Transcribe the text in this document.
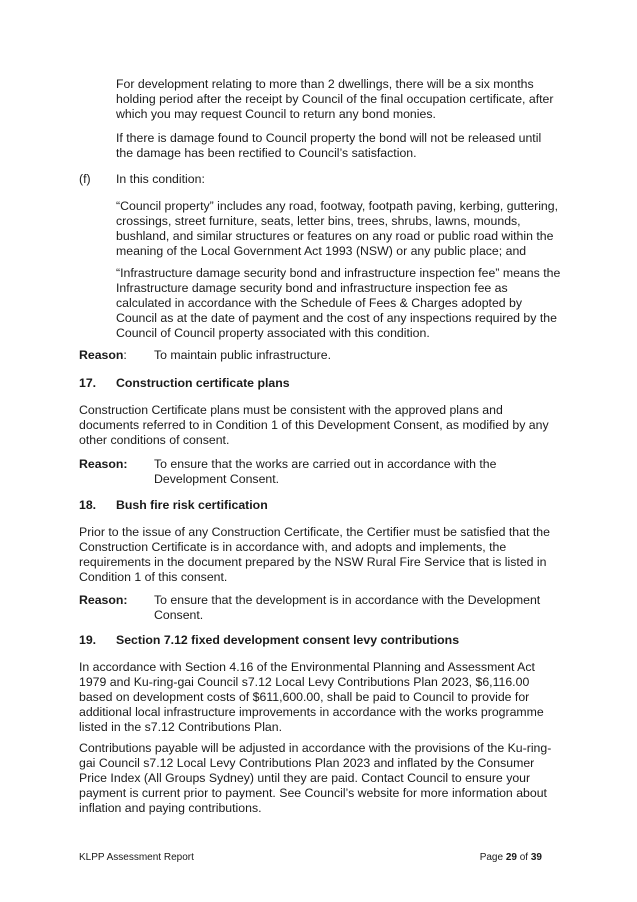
For development relating to more than 2 dwellings, there will be a six months holding period after the receipt by Council of the final occupation certificate, after which you may request Council to return any bond monies.

If there is damage found to Council property the bond will not be released until the damage has been rectified to Council’s satisfaction.

(f) In this condition:

“Council property” includes any road, footway, footpath paving, kerbing, guttering, crossings, street furniture, seats, letter bins, trees, shrubs, lawns, mounds, bushland, and similar structures or features on any road or public road within the meaning of the Local Government Act 1993 (NSW) or any public place; and

“Infrastructure damage security bond and infrastructure inspection fee” means the Infrastructure damage security bond and infrastructure inspection fee as calculated in accordance with the Schedule of Fees & Charges adopted by Council as at the date of payment and the cost of any inspections required by the Council of Council property associated with this condition.

Reason: To maintain public infrastructure.

17. Construction certificate plans

Construction Certificate plans must be consistent with the approved plans and documents referred to in Condition 1 of this Development Consent, as modified by any other conditions of consent.

Reason: To ensure that the works are carried out in accordance with the Development Consent.

18. Bush fire risk certification

Prior to the issue of any Construction Certificate, the Certifier must be satisfied that the Construction Certificate is in accordance with, and adopts and implements, the requirements in the document prepared by the NSW Rural Fire Service that is listed in Condition 1 of this consent.

Reason: To ensure that the development is in accordance with the Development Consent.

19. Section 7.12 fixed development consent levy contributions

In accordance with Section 4.16 of the Environmental Planning and Assessment Act 1979 and Ku-ring-gai Council s7.12 Local Levy Contributions Plan 2023, $6,116.00 based on development costs of $611,600.00, shall be paid to Council to provide for additional local infrastructure improvements in accordance with the works programme listed in the s7.12 Contributions Plan.

Contributions payable will be adjusted in accordance with the provisions of the Ku-ring-gai Council s7.12 Local Levy Contributions Plan 2023 and inflated by the Consumer Price Index (All Groups Sydney) until they are paid. Contact Council to ensure your payment is current prior to payment. See Council’s website for more information about inflation and paying contributions.

KLPP Assessment Report	Page 29 of 39
